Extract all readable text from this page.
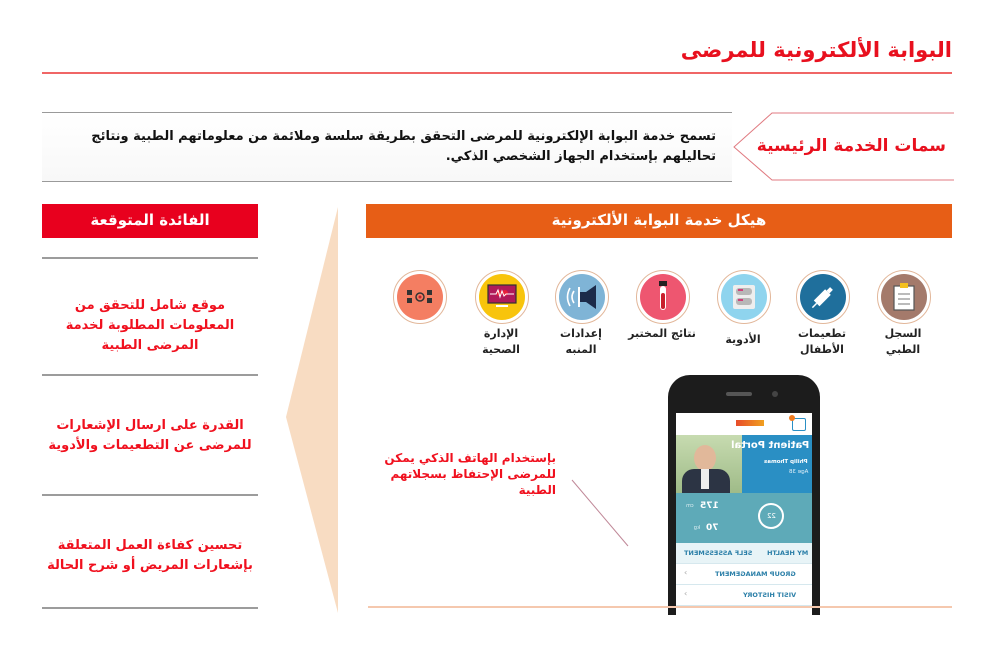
البوابة الألكترونية للمرضى
تسمح خدمة البوابة الإلكترونية للمرضى التحقق بطريقة سلسة وملائمة من معلوماتهم الطبية ونتائج تحاليلهم بإستخدام الجهاز الشخصي الذكي.
سمات الخدمة الرئيسية
الفائدة المتوقعة
موقع شامل للتحقق من المعلومات المطلوبة لخدمة المرضى الطبية
القدرة على ارسال الإشعارات للمرضى عن التطعيمات والأدوية
تحسين كفاءة العمل المتعلقة بإشعارات المريض أو شرح الحالة
هيكل خدمة البوابة الألكترونية
السجل الطبي
تطعيمات الأطفال
الأدوية
نتائج المختبر
إعدادات المنبه
الإدارة الصحية
بإستخدام الهاتف الذكي يمكن للمرضى الإحتفاظ بسجلاتهم الطبية
Patient Portal
Philip Thomas
Age 38
175
cm
70
kg
22
MY HEALTH
SELF ASSESSMENT
GROUP MANAGEMENT
‹
VISIT HISTORY
‹
